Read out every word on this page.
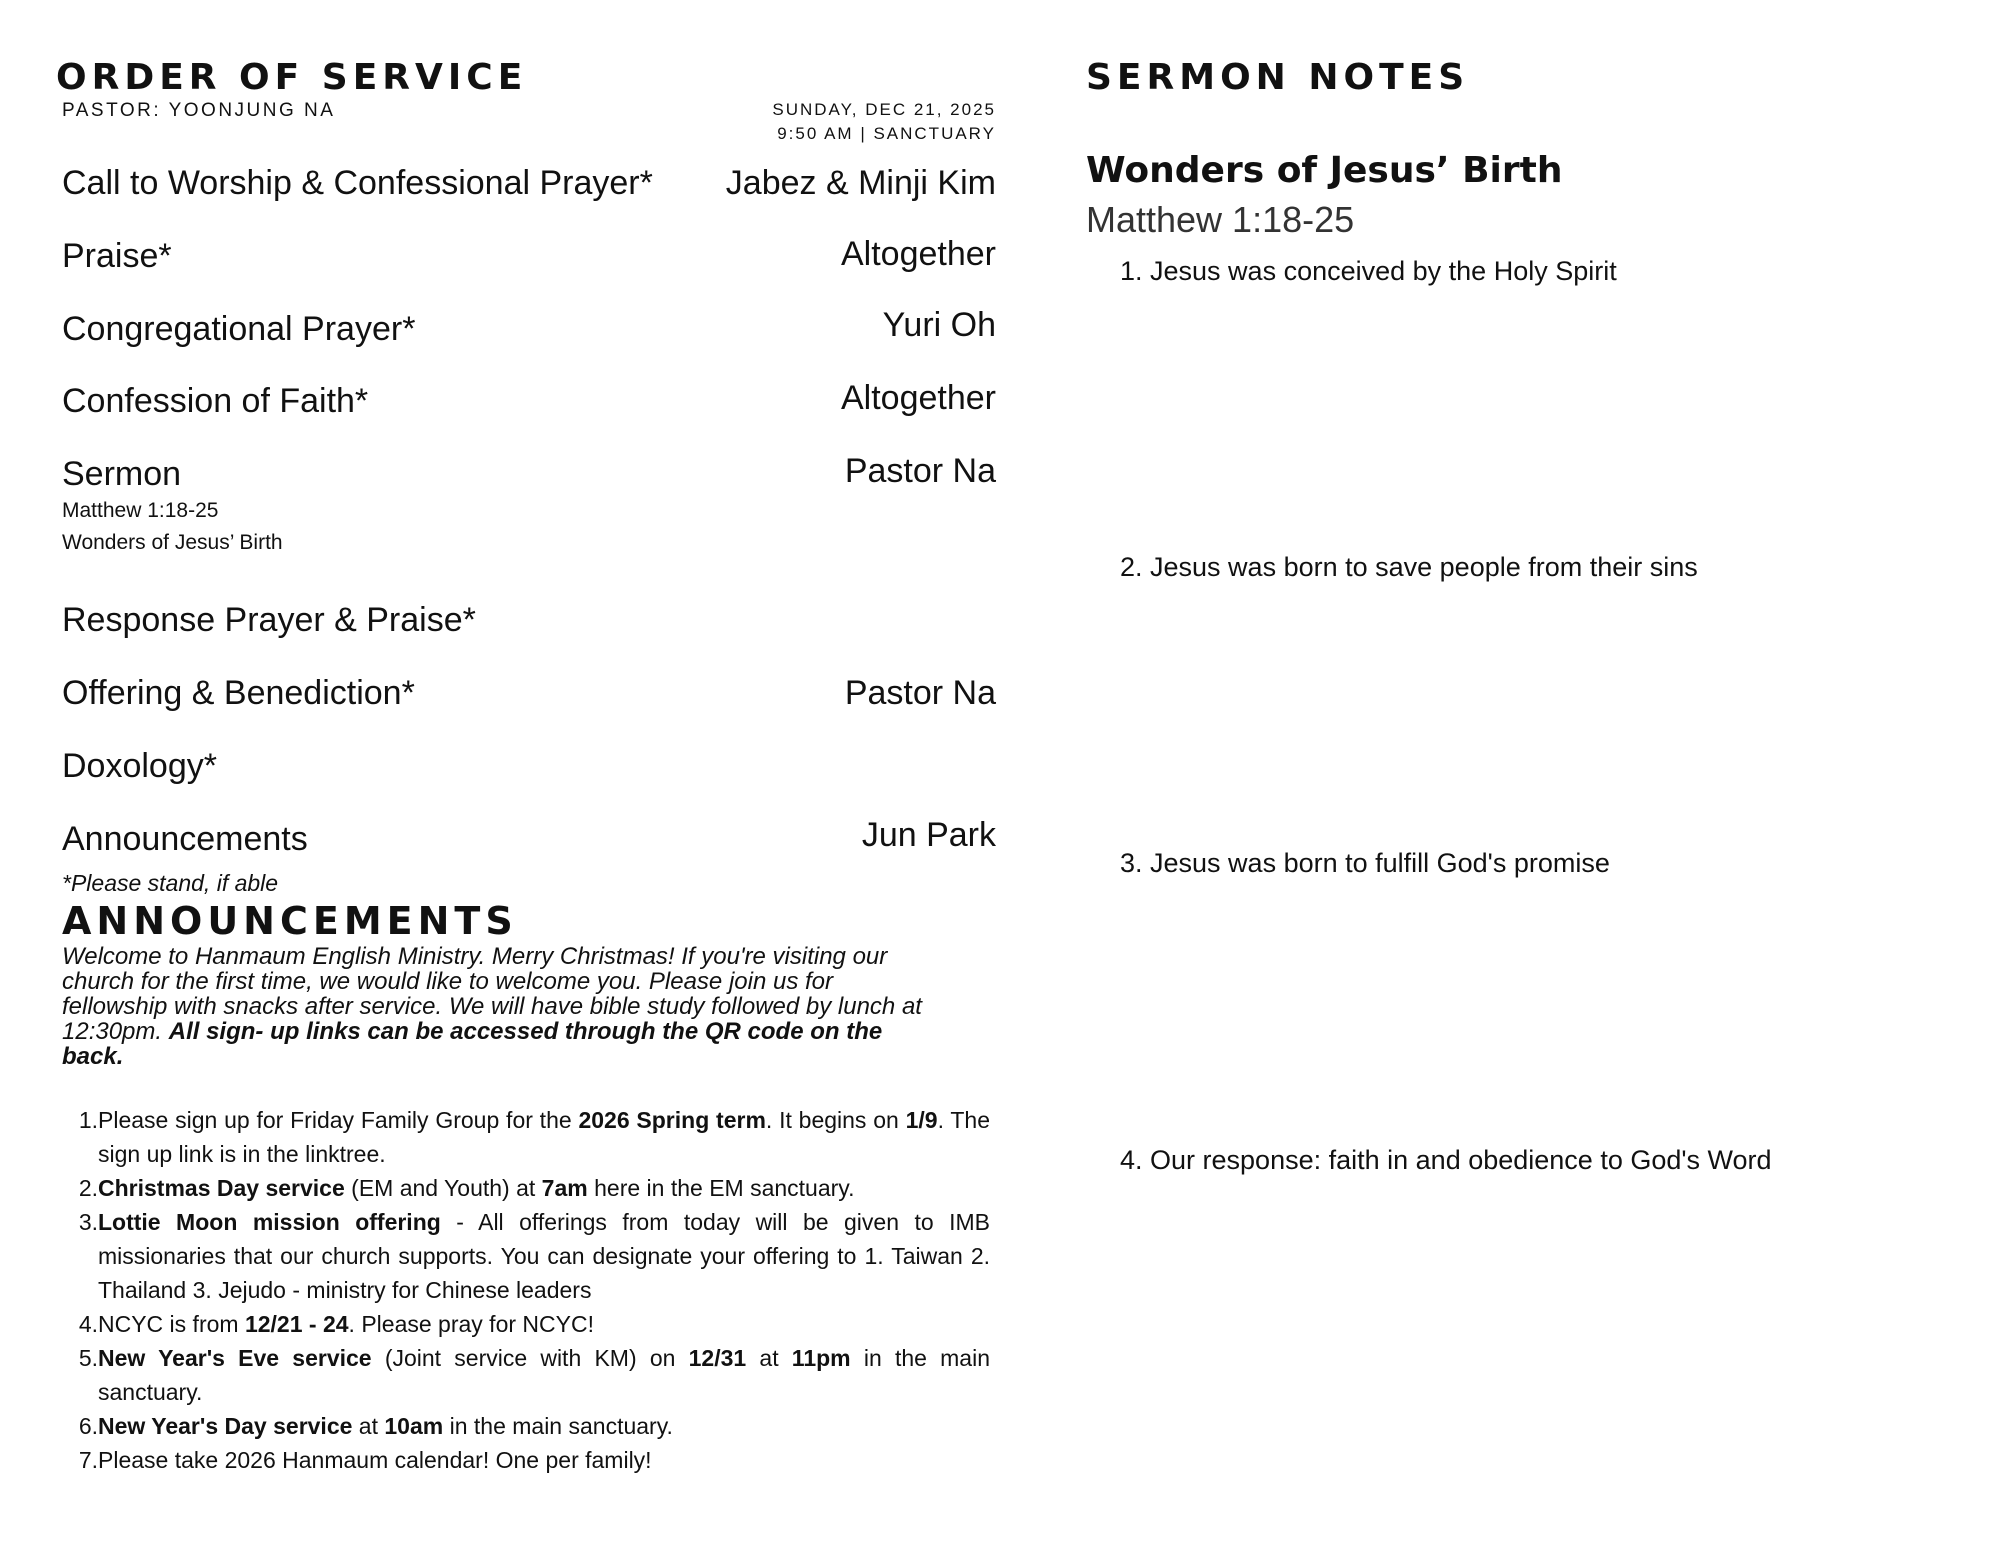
ORDER OF SERVICE
PASTOR: YOONJUNG NA	SUNDAY, DEC 21, 2025
9:50 AM | SANCTUARY
Call to Worship & Confessional Prayer*	Jabez & Minji Kim
Praise*	Altogether
Congregational Prayer*	Yuri Oh
Confession of Faith*	Altogether
Sermon	Pastor Na
Matthew 1:18-25
Wonders of Jesus’ Birth
Response Prayer & Praise*
Offering & Benediction*	Pastor Na
Doxology*
Announcements	Jun Park
*Please stand, if able
ANNOUNCEMENTS
Welcome to Hanmaum English Ministry. Merry Christmas! If you're visiting our church for the first time, we would like to welcome you. Please join us for fellowship with snacks after service. We will have bible study followed by lunch at 12:30pm. All sign- up links can be accessed through the QR code on the back.
1. Please sign up for Friday Family Group for the 2026 Spring term. It begins on 1/9. The sign up link is in the linktree.
2. Christmas Day service (EM and Youth) at 7am here in the EM sanctuary.
3. Lottie Moon mission offering - All offerings from today will be given to IMB missionaries that our church supports. You can designate your offering to 1. Taiwan 2. Thailand 3. Jejudo - ministry for Chinese leaders
4. NCYC is from 12/21 - 24. Please pray for NCYC!
5. New Year's Eve service (Joint service with KM) on 12/31 at 11pm in the main sanctuary.
6. New Year's Day service at 10am in the main sanctuary.
7. Please take 2026 Hanmaum calendar! One per family!
SERMON NOTES
Wonders of Jesus’ Birth
Matthew 1:18-25
1. Jesus was conceived by the Holy Spirit
2. Jesus was born to save people from their sins
3. Jesus was born to fulfill God's promise
4. Our response: faith in and obedience to God's Word
